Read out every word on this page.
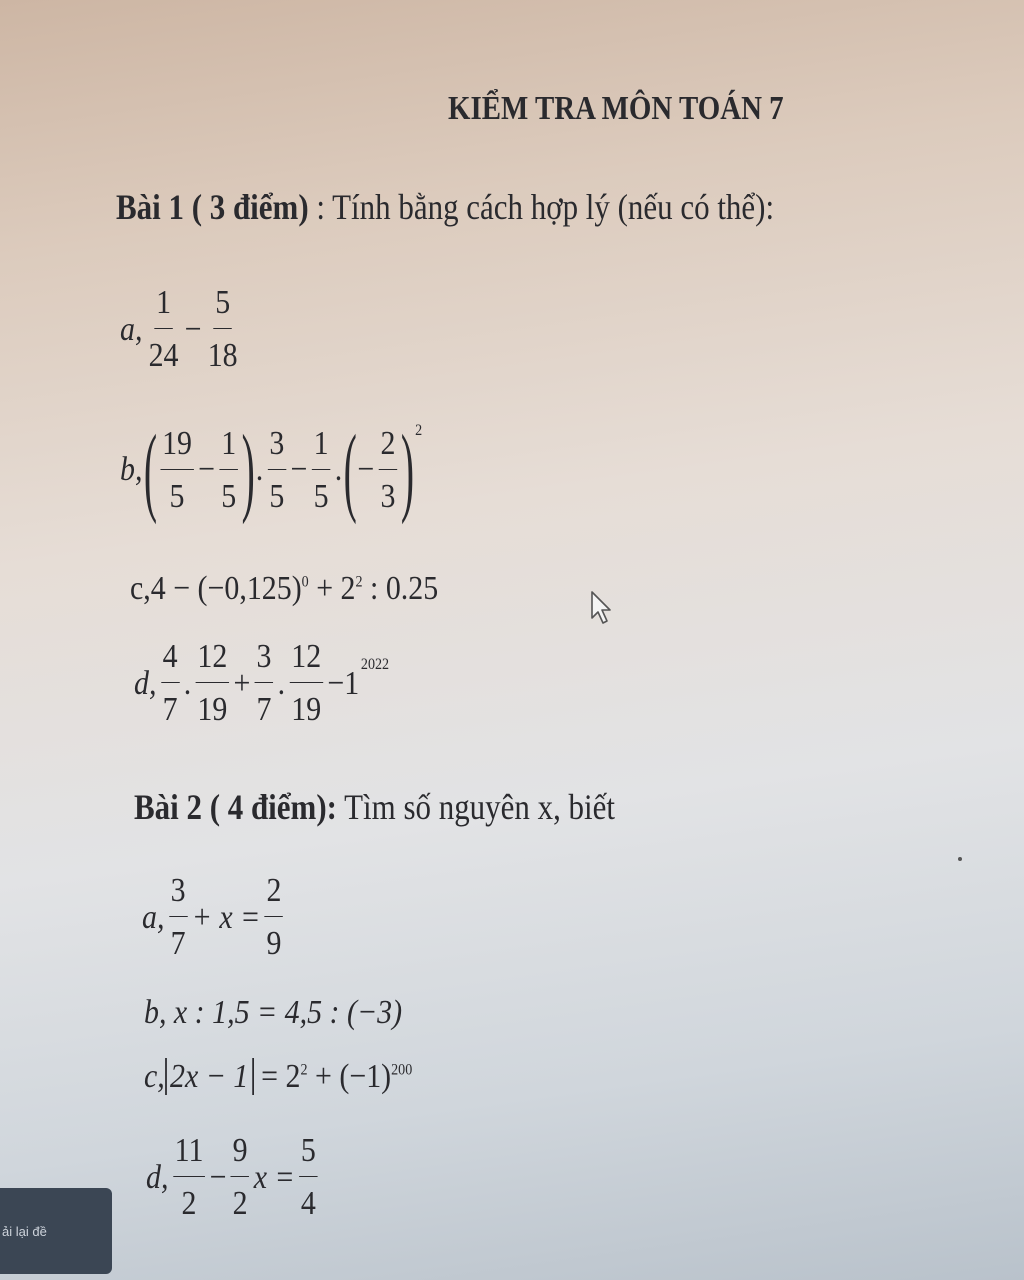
KIỂM TRA MÔN TOÁN 7
Bài 1 ( 3 điểm) : Tính bằng cách hợp lý (nếu có thể):
a, $\frac{1}{24} - \frac{5}{18}$
b, ( $\frac{19}{5} - \frac{1}{5}$ ) . $\frac{3}{5} - \frac{1}{5}$ . ( − $\frac{2}{3} )^2$
$c,4 - (-0,125)^0 + 2^2$ : 0.25
d, $\frac{4}{7}$ . $\frac{12}{19} + \frac{3}{7}$ . $\frac{12}{19} -1^{2022}$
Bài 2 ( 4 điểm): Tìm số nguyên x, biết
a, $\frac{3}{7} + x = \frac{2}{9}$
b, x : 1,5 = 4,5 : (−3)
c, $2x - 1 = 2^2 + (-1)^{200}$
d, $\frac{11}{2} - \frac{9}{2}$ $x = \frac{5}{4}$
ải lại đề
